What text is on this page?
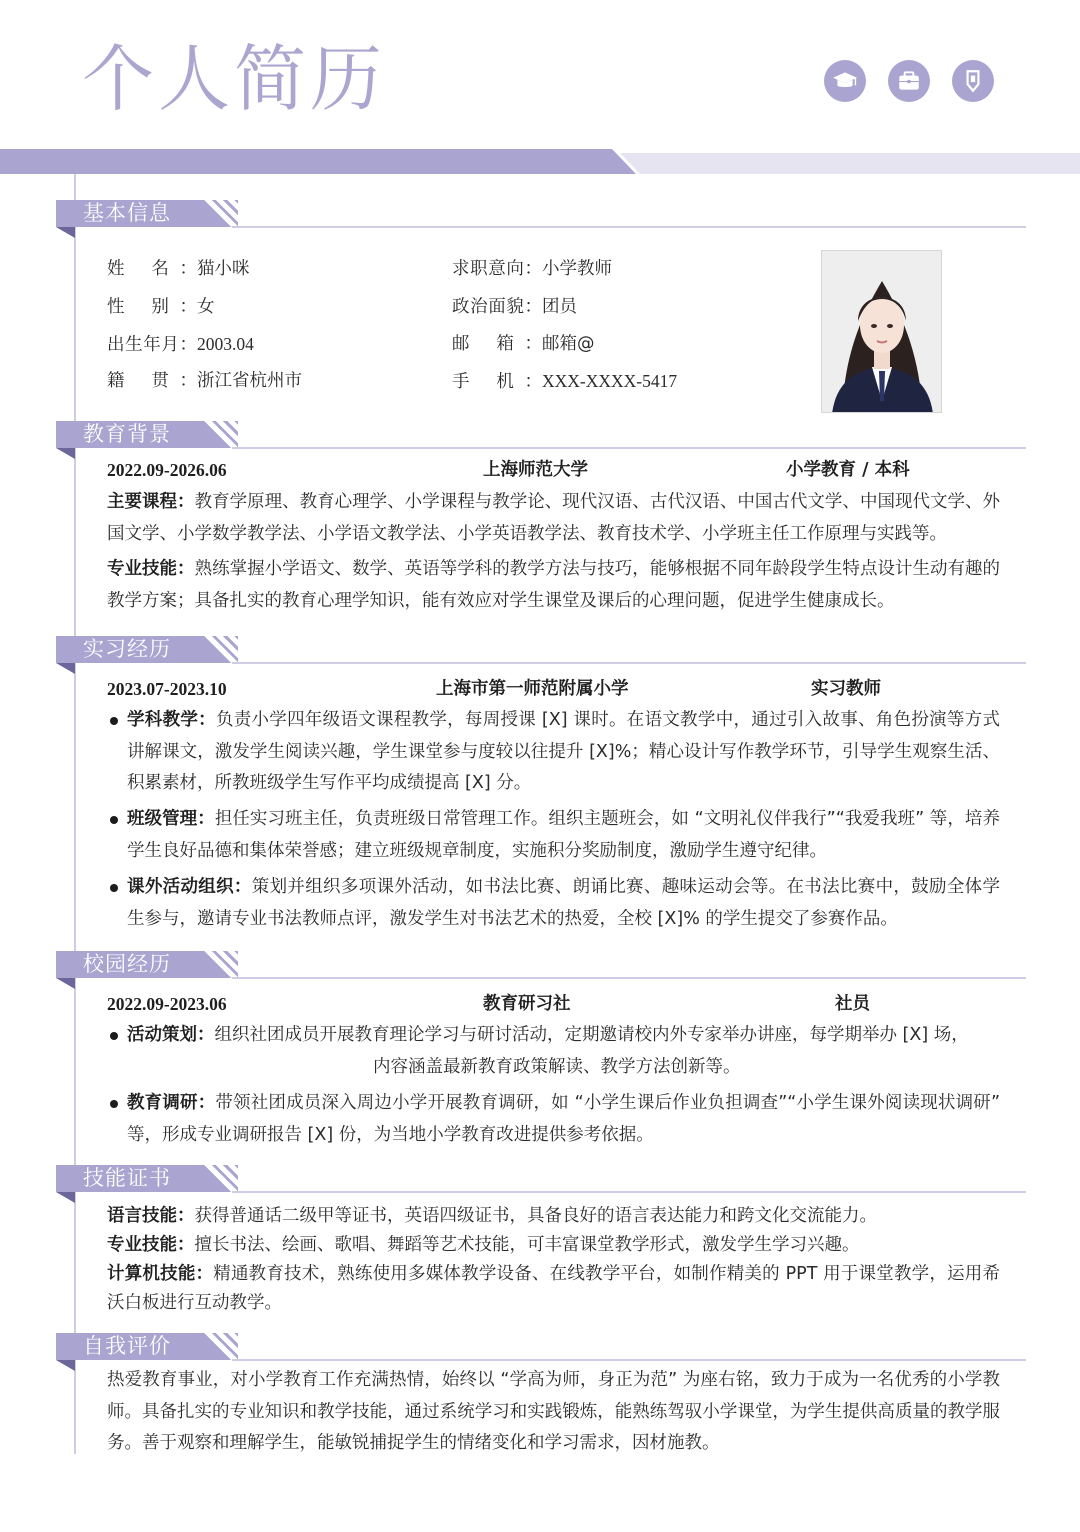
个人简历
基本信息
姓 名：猫小咪
性 别：女
出生年月：2003.04
籍 贯：浙江省杭州市
求职意向：小学教师
政治面貌：团员
邮 箱：邮箱@
手 机：XXX-XXXX-5417
教育背景
2022.09-2026.06	上海师范大学	小学教育 / 本科
主要课程：教育学原理、教育心理学、小学课程与教学论、现代汉语、古代汉语、中国古代文学、中国现代文学、外国文学、小学数学教学法、小学语文教学法、小学英语教学法、教育技术学、小学班主任工作原理与实践等。
专业技能：熟练掌握小学语文、数学、英语等学科的教学方法与技巧，能够根据不同年龄段学生特点设计生动有趣的教学方案；具备扎实的教育心理学知识，能有效应对学生课堂及课后的心理问题，促进学生健康成长。
实习经历
2023.07-2023.10	上海市第一师范附属小学	实习教师
学科教学：负责小学四年级语文课程教学，每周授课 [X] 课时。在语文教学中，通过引入故事、角色扮演等方式讲解课文，激发学生阅读兴趣，学生课堂参与度较以往提升 [X]%；精心设计写作教学环节，引导学生观察生活、积累素材，所教班级学生写作平均成绩提高 [X] 分。
班级管理：担任实习班主任，负责班级日常管理工作。组织主题班会，如 “文明礼仪伴我行”“我爱我班” 等，培养学生良好品德和集体荣誉感；建立班级规章制度，实施积分奖励制度，激励学生遵守纪律。
课外活动组织：策划并组织多项课外活动，如书法比赛、朗诵比赛、趣味运动会等。在书法比赛中，鼓励全体学生参与，邀请专业书法教师点评，激发学生对书法艺术的热爱，全校 [X]% 的学生提交了参赛作品。
校园经历
2022.09-2023.06	教育研习社	社员
活动策划：组织社团成员开展教育理论学习与研讨活动，定期邀请校内外专家举办讲座，每学期举办 [X] 场，
内容涵盖最新教育政策解读、教学方法创新等。
教育调研：带领社团成员深入周边小学开展教育调研，如 “小学生课后作业负担调查”“小学生课外阅读现状调研” 等，形成专业调研报告 [X] 份，为当地小学教育改进提供参考依据。
技能证书
语言技能：获得普通话二级甲等证书，英语四级证书，具备良好的语言表达能力和跨文化交流能力。
专业技能：擅长书法、绘画、歌唱、舞蹈等艺术技能，可丰富课堂教学形式，激发学生学习兴趣。
计算机技能：精通教育技术，熟练使用多媒体教学设备、在线教学平台，如制作精美的 PPT 用于课堂教学，运用希沃白板进行互动教学。
自我评价
热爱教育事业，对小学教育工作充满热情，始终以 “学高为师，身正为范” 为座右铭，致力于成为一名优秀的小学教师。具备扎实的专业知识和教学技能，通过系统学习和实践锻炼，能熟练驾驭小学课堂，为学生提供高质量的教学服务。善于观察和理解学生，能敏锐捕捉学生的情绪变化和学习需求，因材施教。
